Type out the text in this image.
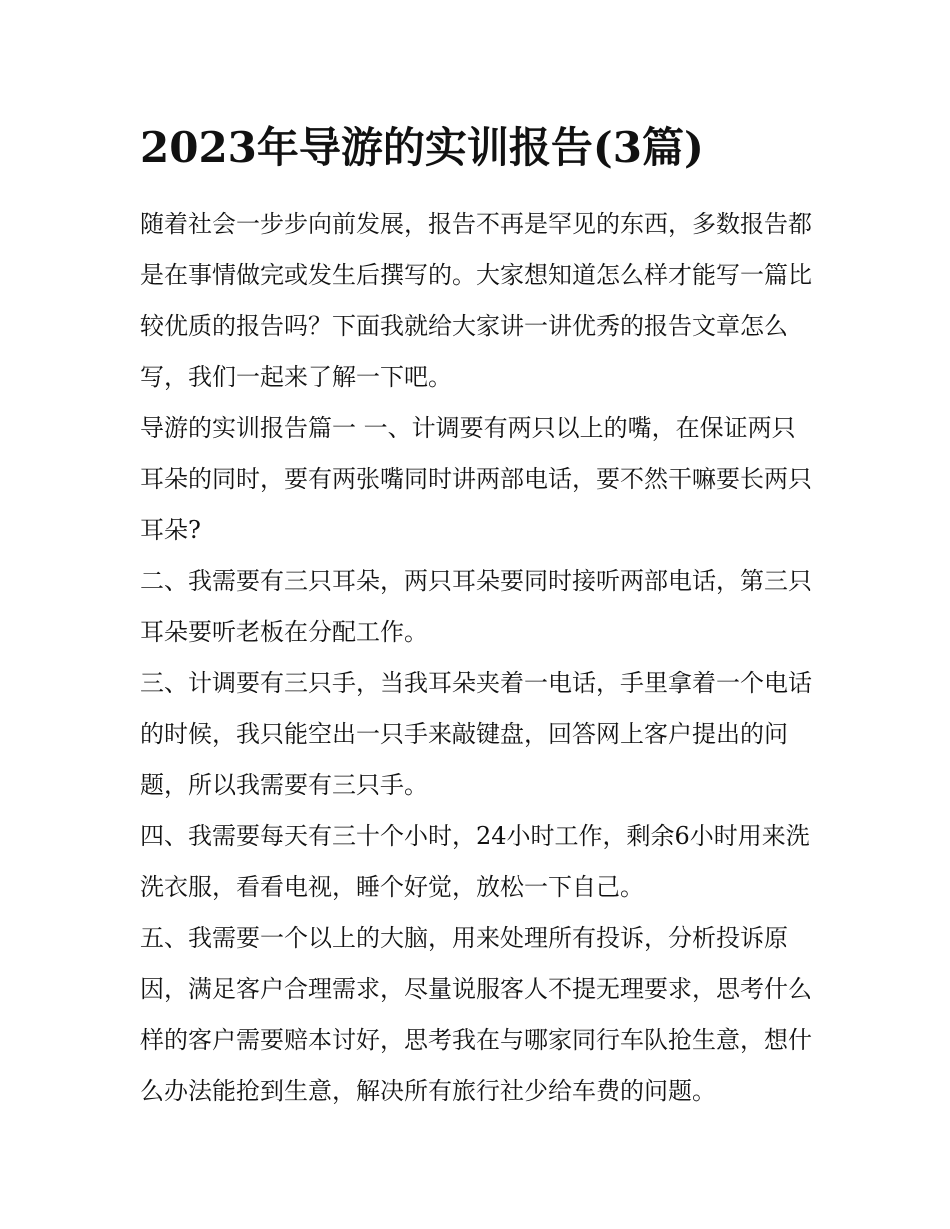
2023年导游的实训报告(3篇)

随着社会一步步向前发展，报告不再是罕见的东西，多数报告都是在事情做完或发生后撰写的。大家想知道怎么样才能写一篇比较优质的报告吗？下面我就给大家讲一讲优秀的报告文章怎么写，我们一起来了解一下吧。

导游的实训报告篇一 一、计调要有两只以上的嘴，在保证两只耳朵的同时，要有两张嘴同时讲两部电话，要不然干嘛要长两只耳朵?

二、我需要有三只耳朵，两只耳朵要同时接听两部电话，第三只耳朵要听老板在分配工作。

三、计调要有三只手，当我耳朵夹着一电话，手里拿着一个电话的时候，我只能空出一只手来敲键盘，回答网上客户提出的问题，所以我需要有三只手。

四、我需要每天有三十个小时，24小时工作，剩余6小时用来洗洗衣服，看看电视，睡个好觉，放松一下自己。

五、我需要一个以上的大脑，用来处理所有投诉，分析投诉原因，满足客户合理需求，尽量说服客人不提无理要求，思考什么样的客户需要赔本讨好，思考我在与哪家同行车队抢生意，想什么办法能抢到生意，解决所有旅行社少给车费的问题。
